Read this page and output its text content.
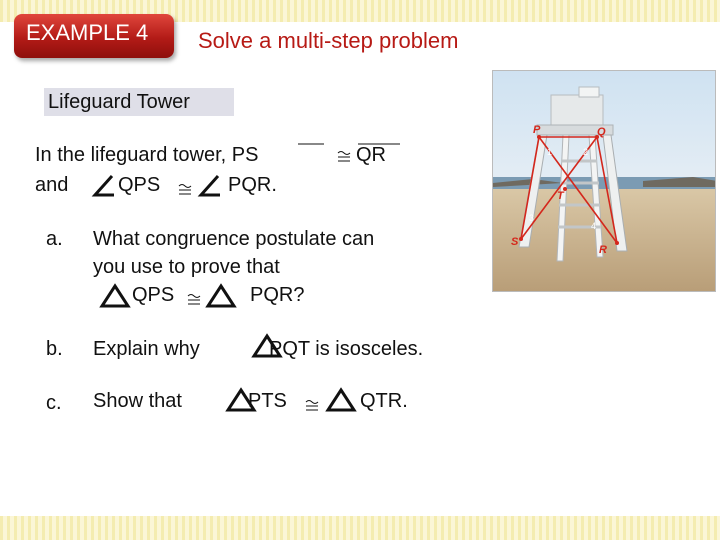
EXAMPLE 4 Solve a multi-step problem
Lifeguard Tower
In the lifeguard tower, PS	QR
and QPS	PQR.
a. What congruence postulate can
you use to prove that
QPS	PQR?
b. Explain why	PQT is isosceles.
c. Show that	PTS	QTR.
P	Q
S
R
T
1	2
3
4
